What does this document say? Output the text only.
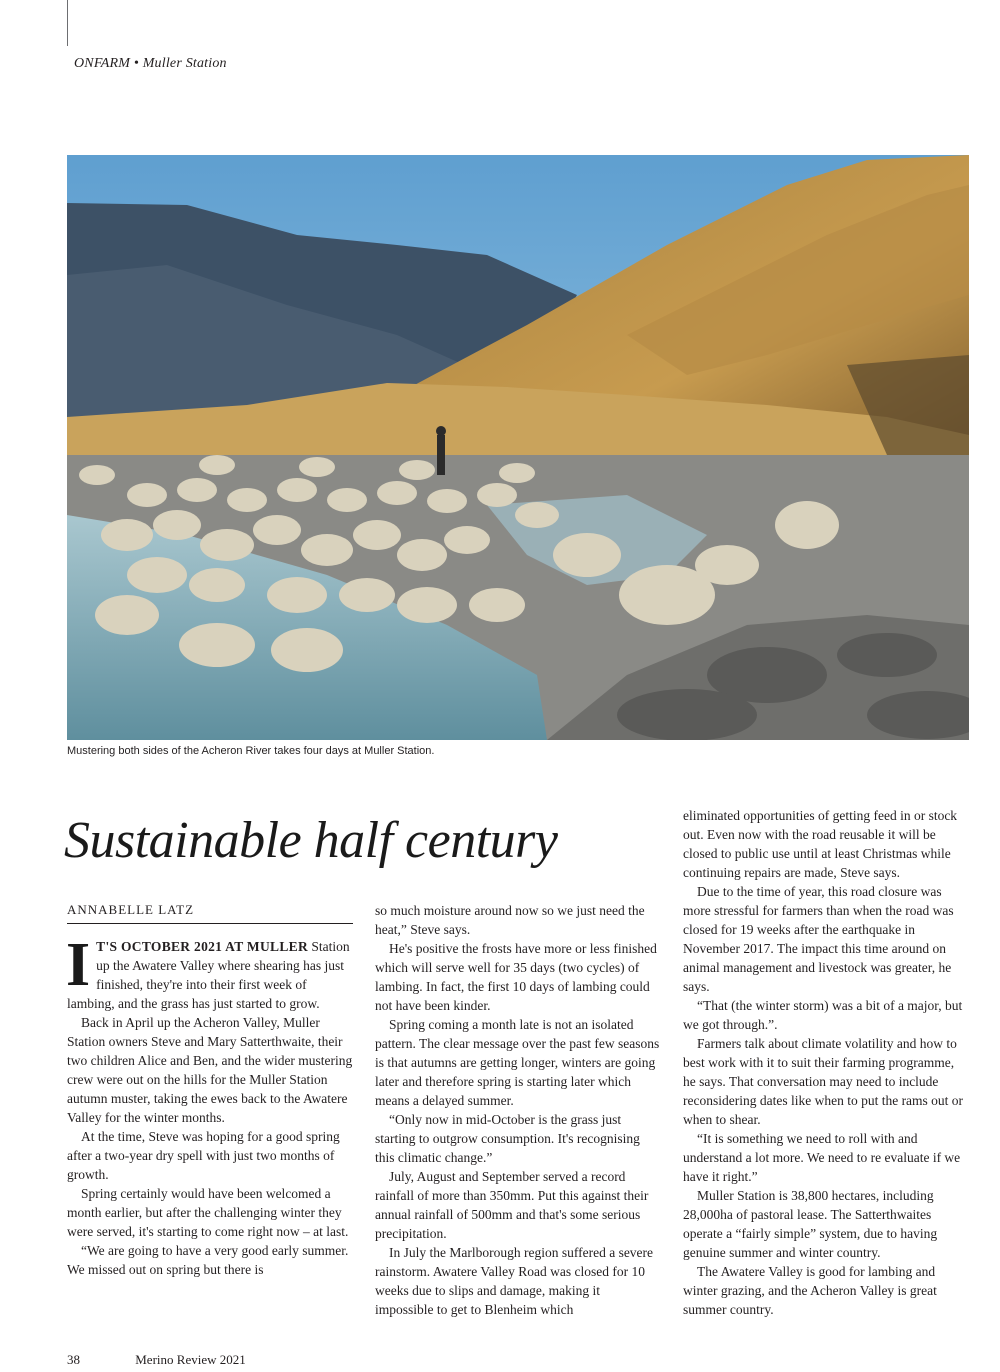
ONFARM • Muller Station
Mustering both sides of the Acheron River takes four days at Muller Station.
Sustainable half century
ANNABELLE LATZ

I T'S OCTOBER 2021 AT MULLER Station up the Awatere Valley where shearing has just finished, they're into their first week of lambing, and the grass has just started to grow.

Back in April up the Acheron Valley, Muller Station owners Steve and Mary Satterthwaite, their two children Alice and Ben, and the wider mustering crew were out on the hills for the Muller Station autumn muster, taking the ewes back to the Awatere Valley for the winter months.

At the time, Steve was hoping for a good spring after a two-year dry spell with just two months of growth.

Spring certainly would have been welcomed a month earlier, but after the challenging winter they were served, it's starting to come right now – at last.

“We are going to have a very good early summer. We missed out on spring but there is

so much moisture around now so we just need the heat,” Steve says.

He's positive the frosts have more or less finished which will serve well for 35 days (two cycles) of lambing. In fact, the first 10 days of lambing could not have been kinder.

Spring coming a month late is not an isolated pattern. The clear message over the past few seasons is that autumns are getting longer, winters are going later and therefore spring is starting later which means a delayed summer.

“Only now in mid-October is the grass just starting to outgrow consumption. It's recognising this climatic change.”

July, August and September served a record rainfall of more than 350mm. Put this against their annual rainfall of 500mm and that's some serious precipitation.

In July the Marlborough region suffered a severe rainstorm. Awatere Valley Road was closed for 10 weeks due to slips and damage, making it impossible to get to Blenheim which

eliminated opportunities of getting feed in or stock out. Even now with the road reusable it will be closed to public use until at least Christmas while continuing repairs are made, Steve says.

Due to the time of year, this road closure was more stressful for farmers than when the road was closed for 19 weeks after the earthquake in November 2017. The impact this time around on animal management and livestock was greater, he says.

“That (the winter storm) was a bit of a major, but we got through.”.

Farmers talk about climate volatility and how to best work with it to suit their farming programme, he says. That conversation may need to include reconsidering dates like when to put the rams out or when to shear.

“It is something we need to roll with and understand a lot more. We need to re evaluate if we have it right.”

Muller Station is 38,800 hectares, including 28,000ha of pastoral lease. The Satterthwaites operate a “fairly simple” system, due to having genuine summer and winter country.

The Awatere Valley is good for lambing and winter grazing, and the Acheron Valley is great summer country.

38	Merino Review 2021
